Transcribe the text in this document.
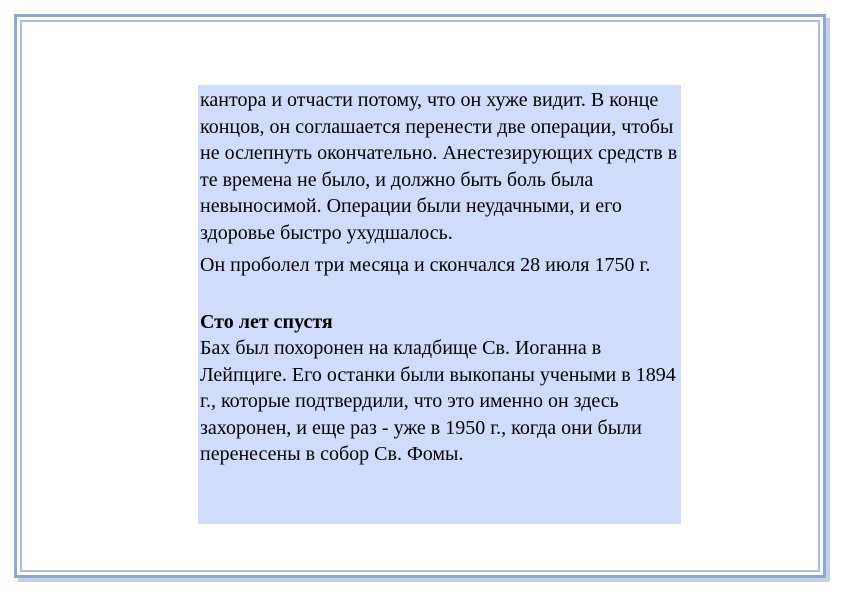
кантора и отчасти потому, что он хуже видит. В конце концов, он соглашается перенести две операции, чтобы не ослепнуть окончательно. Анестезирующих средств в те времена не было, и должно быть боль была невыносимой. Операции были неудачными, и его здоровье быстро ухудшалось.

Он проболел три месяца и скончался 28 июля 1750 г.

Сто лет спустя

Бах был похоронен на кладбище Св. Иоганна в Лейпциге. Его останки были выкопаны учеными в 1894 г., которые подтвердили, что это именно он здесь захоронен, и еще раз - уже в 1950 г., когда они были перенесены в собор Св. Фомы.
